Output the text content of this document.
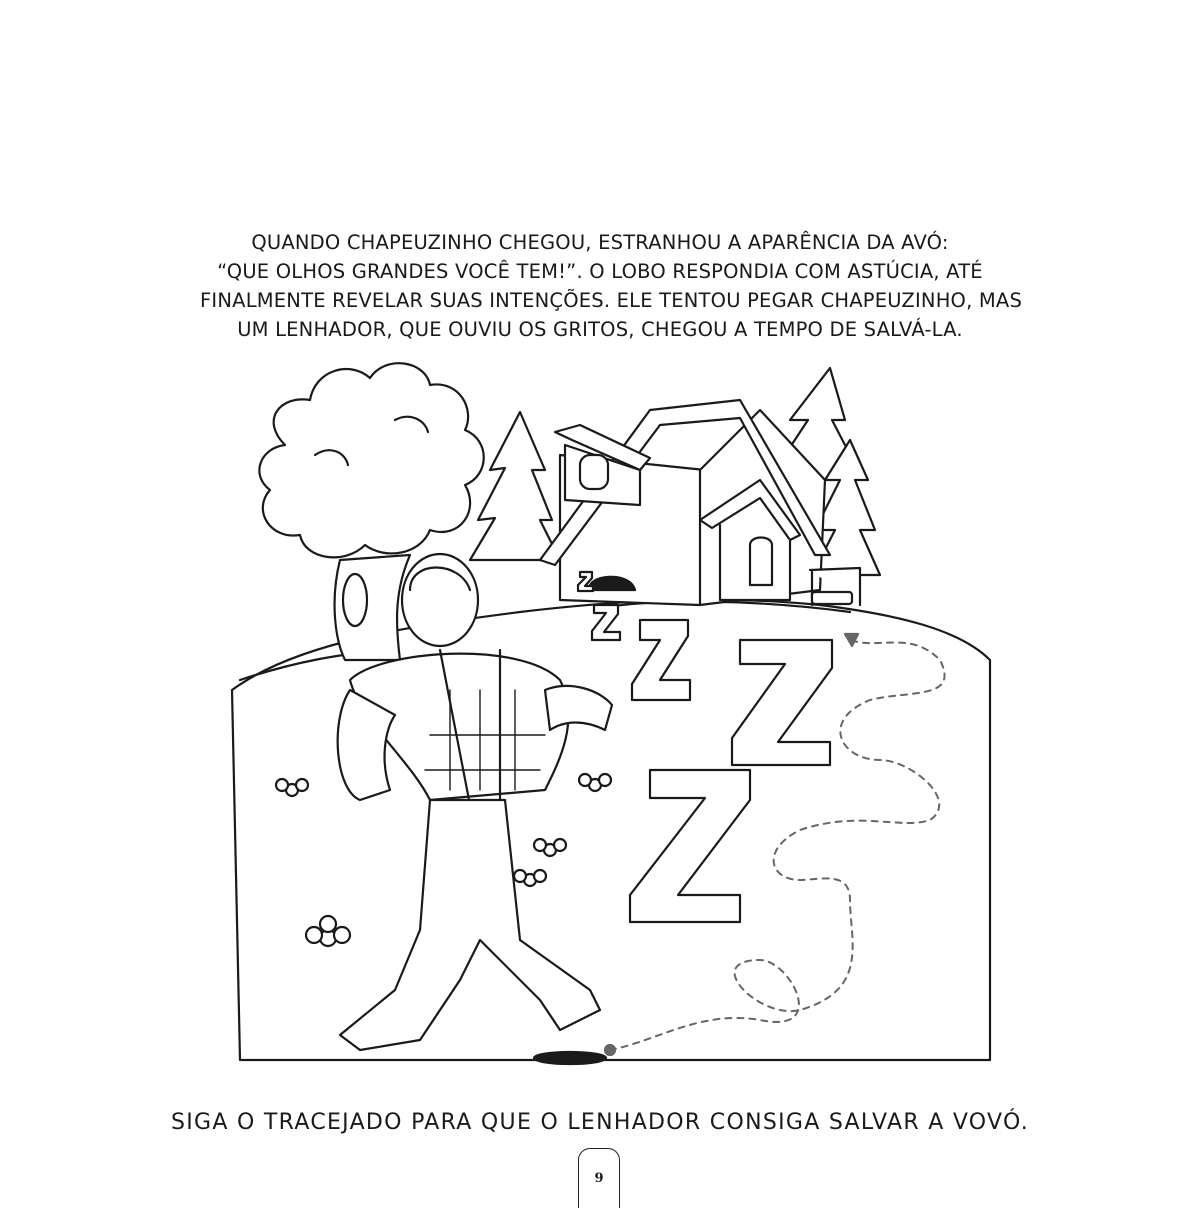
QUANDO CHAPEUZINHO CHEGOU, ESTRANHOU A APARÊNCIA DA AVÓ:
“QUE OLHOS GRANDES VOCÊ TEM!”. O LOBO RESPONDIA COM ASTÚCIA, ATÉ
FINALMENTE REVELAR SUAS INTENÇÕES. ELE TENTOU PEGAR CHAPEUZINHO, MAS
UM LENHADOR, QUE OUVIU OS GRITOS, CHEGOU A TEMPO DE SALVÁ-LA.
SIGA O TRACEJADO PARA QUE O LENHADOR CONSIGA SALVAR A VOVÓ.
9
